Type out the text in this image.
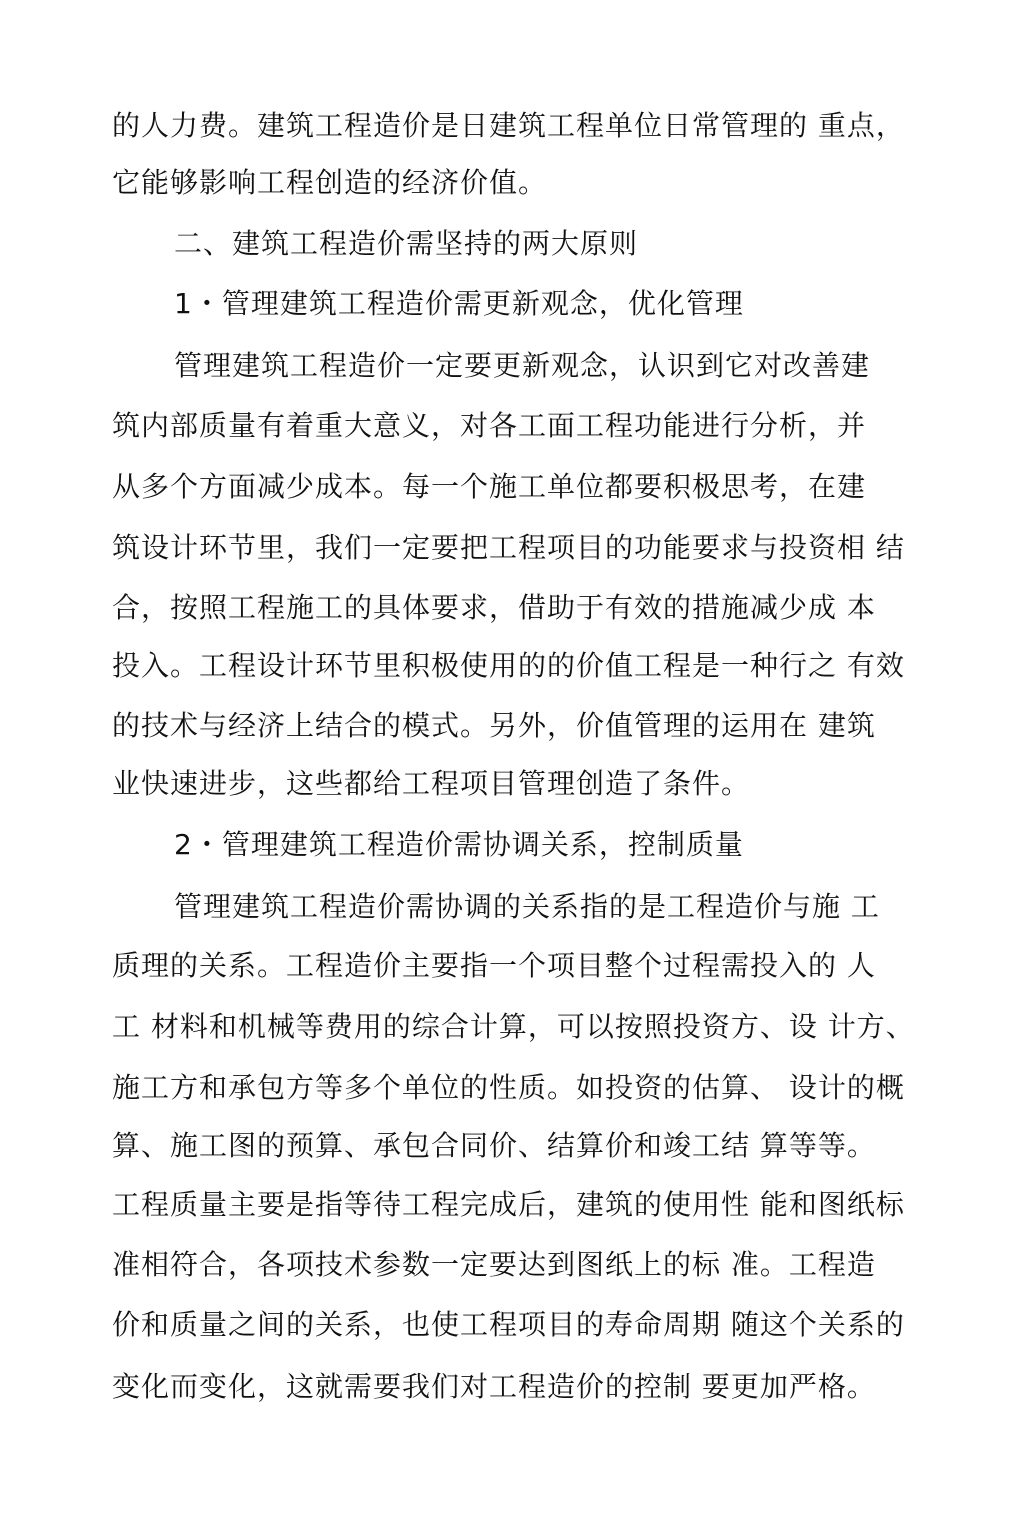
的人力费。建筑工程造价是日建筑工程单位日常管理的 重点，
它能够影响工程创造的经济价值。
二、建筑工程造价需坚持的两大原则
1・管理建筑工程造价需更新观念，优化管理
管理建筑工程造价一定要更新观念，认识到它对改善建
筑内部质量有着重大意义，对各工面工程功能进行分析，并
从多个方面减少成本。每一个施工单位都要积极思考，在建
筑设计环节里，我们一定要把工程项目的功能要求与投资相 结
合，按照工程施工的具体要求，借助于有效的措施减少成 本
投入。工程设计环节里积极使用的的价值工程是一种行之 有效
的技术与经济上结合的模式。另外，价值管理的运用在 建筑
业快速进步，这些都给工程项目管理创造了条件。
2・管理建筑工程造价需协调关系，控制质量
管理建筑工程造价需协调的关系指的是工程造价与施 工
质理的关系。工程造价主要指一个项目整个过程需投入的 人
工 材料和机械等费用的综合计算，可以按照投资方、设 计方、
施工方和承包方等多个单位的性质。如投资的估算、 设计的概
算、施工图的预算、承包合同价、结算价和竣工结 算等等。
工程质量主要是指等待工程完成后，建筑的使用性 能和图纸标
准相符合，各项技术参数一定要达到图纸上的标 准。工程造
价和质量之间的关系，也使工程项目的寿命周期 随这个关系的
变化而变化，这就需要我们对工程造价的控制 要更加严格。
